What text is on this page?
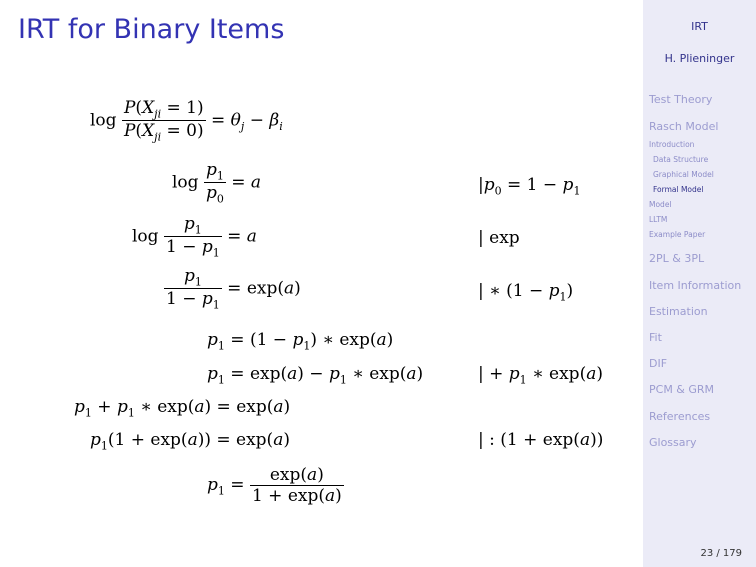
IRT for Binary Items
$\log \frac{P(X_{ji} = 1)}{P(X_{ji} = 0)} = \theta_j - \beta_i$
$\log \frac{p_1}{p_0} = a$	$|p_0 = 1 - p_1$
$\log \frac{p_1}{1 - p_1} = a$	| exp
$\frac{p_1}{1 - p_1} = \exp(a)$	| ∗ $(1 - p_1)$
$p_1 = (1 - p_1)$ ∗ exp(a)
$p_1 = \exp(a) - p_1$ ∗ exp(a)	| + $p_1$ ∗ exp(a)
$p_1 + p_1$ ∗ exp(a) = exp(a)
$p_1(1 + \exp(a)) = \exp(a)$	| : (1 + exp(a))
$p_1 = \frac{\exp(a)}{1 + \exp(a)}$
IRT
H. Plieninger
Test Theory
Rasch Model
Introduction
Data Structure
Graphical Model
Formal Model
Model
LLTM
Example Paper
2PL & 3PL
Item Information
Estimation
Fit
DIF
PCM & GRM
References
Glossary
23 / 179
